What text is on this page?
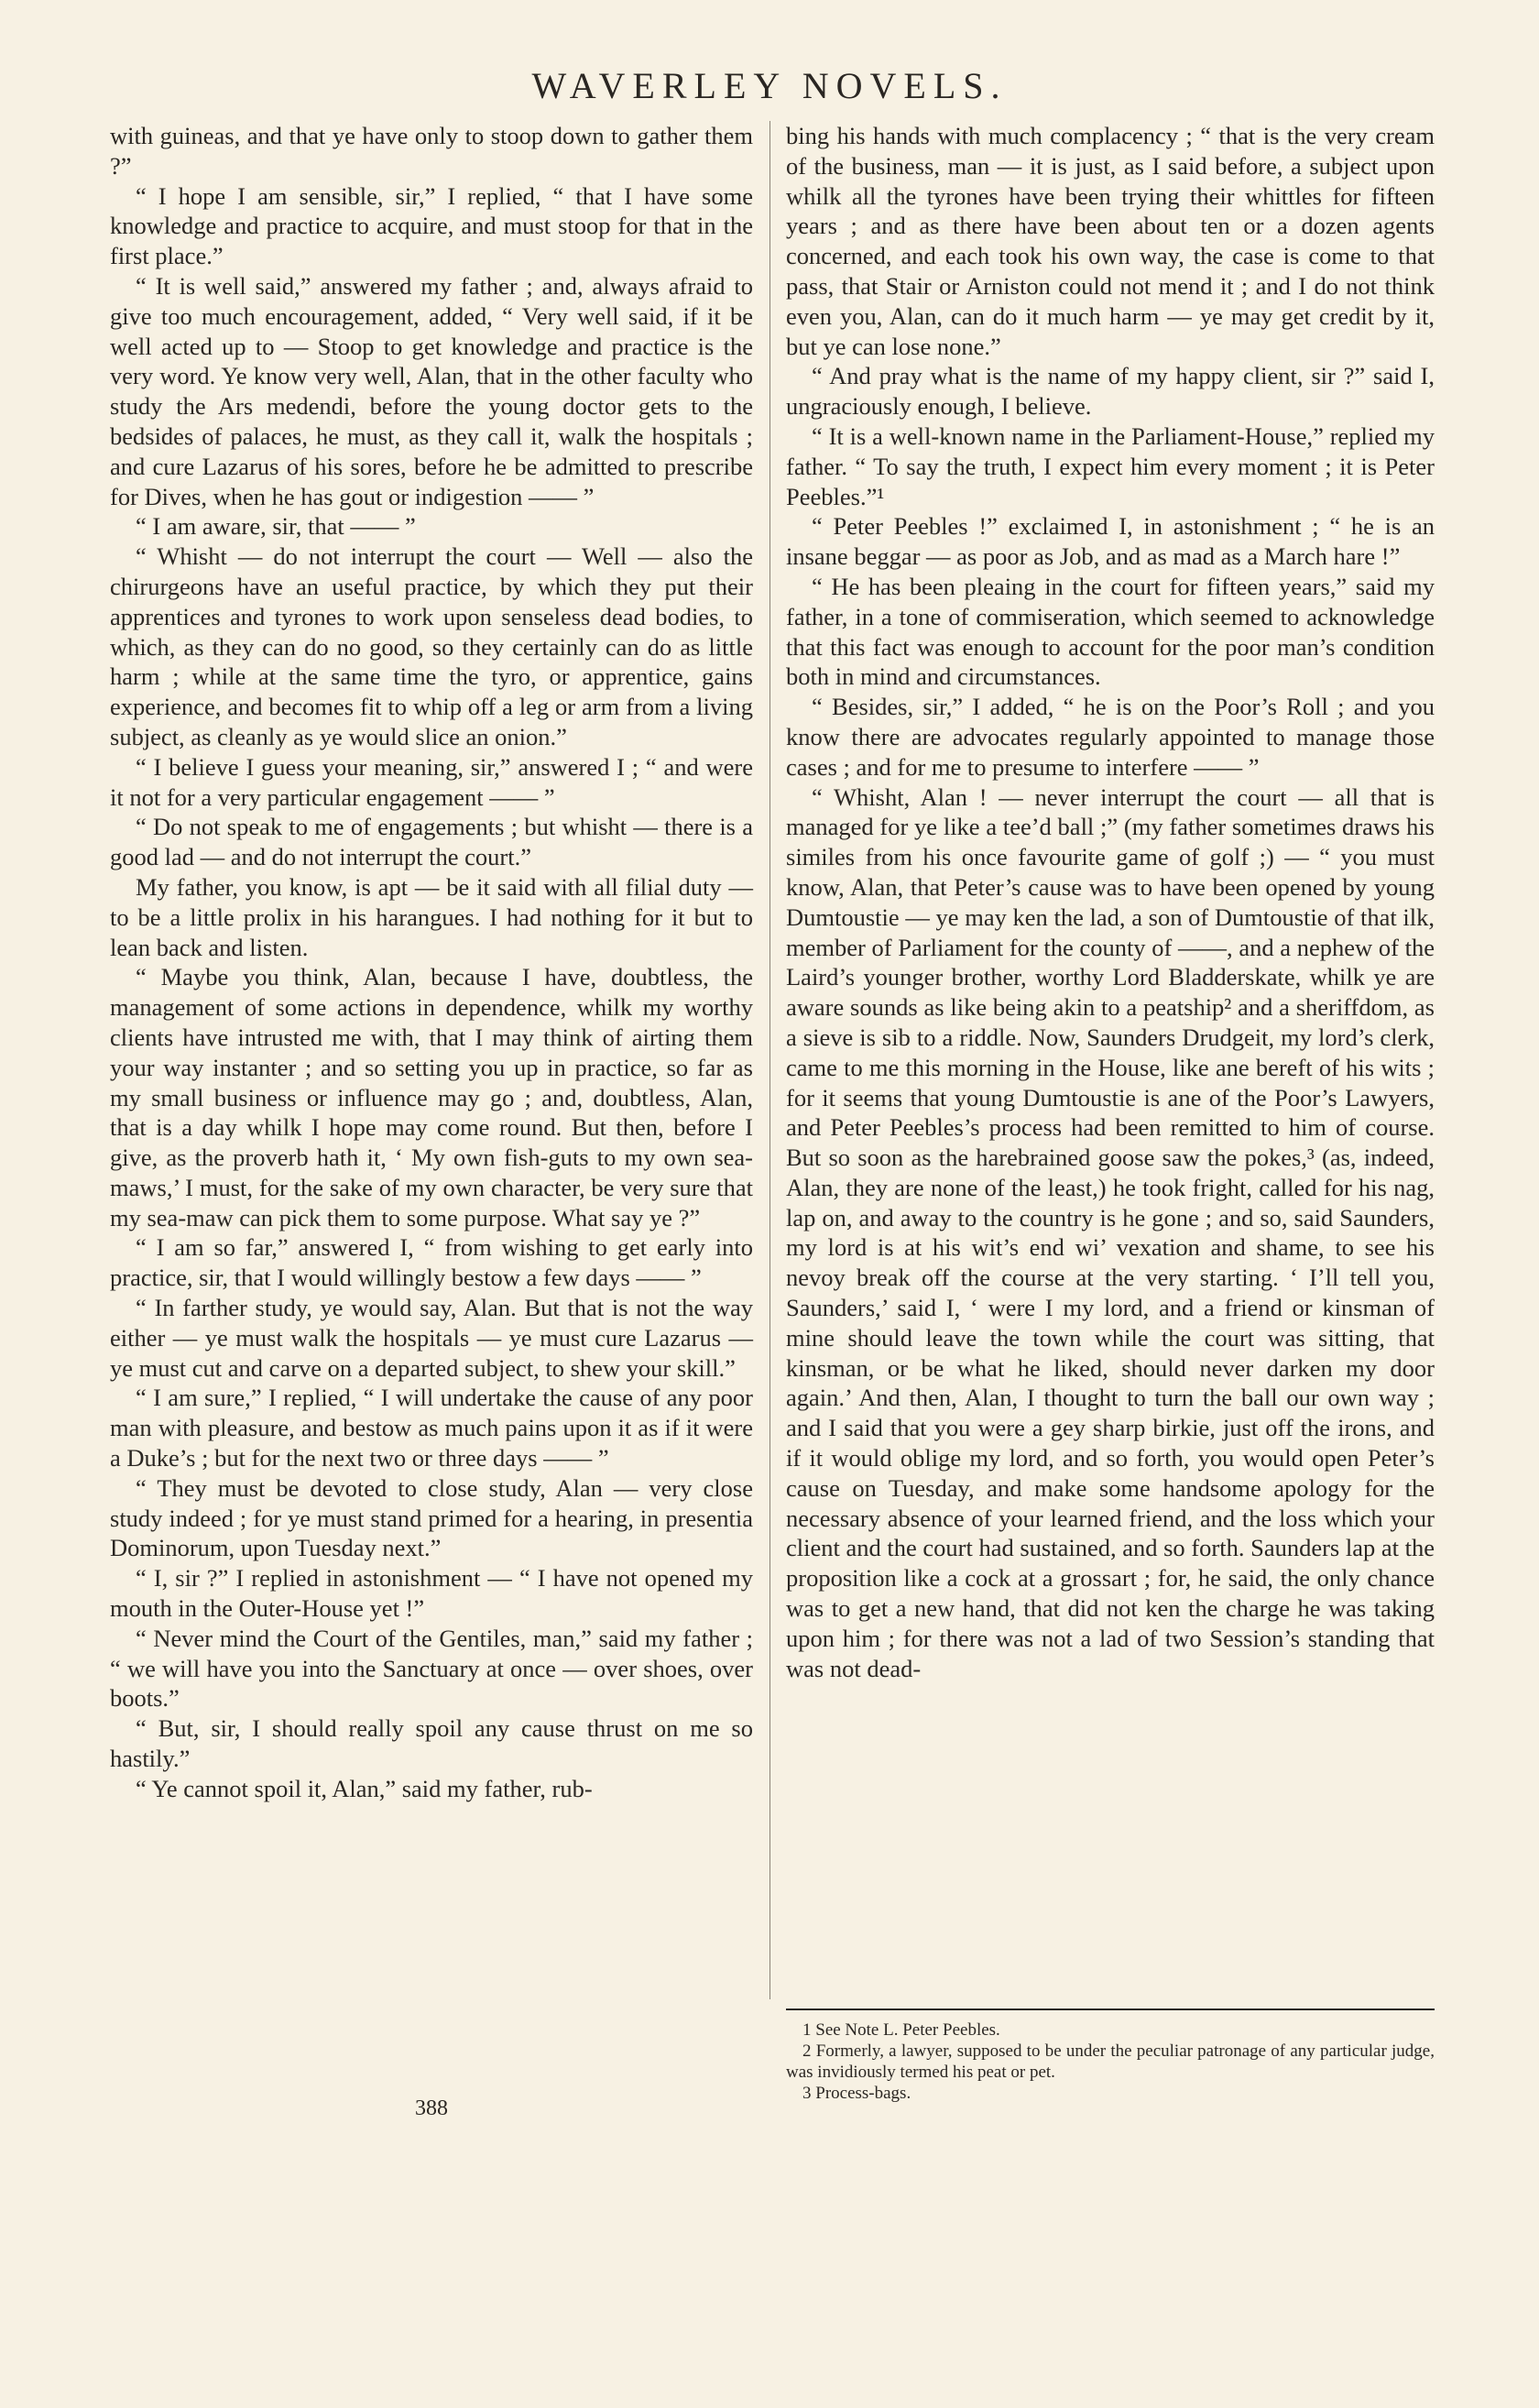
WAVERLEY NOVELS.

with guineas, and that ye have only to stoop down to gather them ?”

“ I hope I am sensible, sir,” I replied, “ that I have some knowledge and practice to acquire, and must stoop for that in the first place.”

“ It is well said,” answered my father ; and, always afraid to give too much encouragement, added, “ Very well said, if it be well acted up to — Stoop to get knowledge and practice is the very word. Ye know very well, Alan, that in the other faculty who study the Ars medendi, before the young doctor gets to the bedsides of palaces, he must, as they call it, walk the hospitals ; and cure Lazarus of his sores, before he be admitted to prescribe for Dives, when he has gout or indigestion —— ”

“ I am aware, sir, that —— ”

“ Whisht — do not interrupt the court — Well — also the chirurgeons have an useful practice, by which they put their apprentices and tyrones to work upon senseless dead bodies, to which, as they can do no good, so they certainly can do as little harm ; while at the same time the tyro, or apprentice, gains experience, and becomes fit to whip off a leg or arm from a living subject, as cleanly as ye would slice an onion.”

“ I believe I guess your meaning, sir,” answered I ; “ and were it not for a very particular engagement —— ”

“ Do not speak to me of engagements ; but whisht — there is a good lad — and do not interrupt the court.”

My father, you know, is apt — be it said with all filial duty — to be a little prolix in his harangues. I had nothing for it but to lean back and listen.

“ Maybe you think, Alan, because I have, doubtless, the management of some actions in dependence, whilk my worthy clients have intrusted me with, that I may think of airting them your way instanter ; and so setting you up in practice, so far as my small business or influence may go ; and, doubtless, Alan, that is a day whilk I hope may come round. But then, before I give, as the proverb hath it, ‘ My own fish-guts to my own sea-maws,’ I must, for the sake of my own character, be very sure that my sea-maw can pick them to some purpose. What say ye ?”

“ I am so far,” answered I, “ from wishing to get early into practice, sir, that I would willingly bestow a few days —— ”

“ In farther study, ye would say, Alan. But that is not the way either — ye must walk the hospitals — ye must cure Lazarus — ye must cut and carve on a departed subject, to shew your skill.”

“ I am sure,” I replied, “ I will undertake the cause of any poor man with pleasure, and bestow as much pains upon it as if it were a Duke’s ; but for the next two or three days —— ”

“ They must be devoted to close study, Alan — very close study indeed ; for ye must stand primed for a hearing, in presentia Dominorum, upon Tuesday next.”

“ I, sir ?” I replied in astonishment — “ I have not opened my mouth in the Outer-House yet !”

“ Never mind the Court of the Gentiles, man,” said my father ; “ we will have you into the Sanctuary at once — over shoes, over boots.”

“ But, sir, I should really spoil any cause thrust on me so hastily.”

“ Ye cannot spoil it, Alan,” said my father, rub-

bing his hands with much complacency ; “ that is the very cream of the business, man — it is just, as I said before, a subject upon whilk all the tyrones have been trying their whittles for fifteen years ; and as there have been about ten or a dozen agents concerned, and each took his own way, the case is come to that pass, that Stair or Arniston could not mend it ; and I do not think even you, Alan, can do it much harm — ye may get credit by it, but ye can lose none.”

“ And pray what is the name of my happy client, sir ?” said I, ungraciously enough, I believe.

“ It is a well-known name in the Parliament-House,” replied my father. “ To say the truth, I expect him every moment ; it is Peter Peebles.”¹

“ Peter Peebles !” exclaimed I, in astonishment ; “ he is an insane beggar — as poor as Job, and as mad as a March hare !”

“ He has been pleaing in the court for fifteen years,” said my father, in a tone of commiseration, which seemed to acknowledge that this fact was enough to account for the poor man’s condition both in mind and circumstances.

“ Besides, sir,” I added, “ he is on the Poor’s Roll ; and you know there are advocates regularly appointed to manage those cases ; and for me to presume to interfere —— ”

“ Whisht, Alan ! — never interrupt the court — all that is managed for ye like a tee’d ball ;” (my father sometimes draws his similes from his once favourite game of golf ;) — “ you must know, Alan, that Peter’s cause was to have been opened by young Dumtoustie — ye may ken the lad, a son of Dumtoustie of that ilk, member of Parliament for the county of ——, and a nephew of the Laird’s younger brother, worthy Lord Bladderskate, whilk ye are aware sounds as like being akin to a peatship² and a sheriffdom, as a sieve is sib to a riddle. Now, Saunders Drudgeit, my lord’s clerk, came to me this morning in the House, like ane bereft of his wits ; for it seems that young Dumtoustie is ane of the Poor’s Lawyers, and Peter Peebles’s process had been remitted to him of course. But so soon as the harebrained goose saw the pokes,³ (as, indeed, Alan, they are none of the least,) he took fright, called for his nag, lap on, and away to the country is he gone ; and so, said Saunders, my lord is at his wit’s end wi’ vexation and shame, to see his nevoy break off the course at the very starting. ‘ I’ll tell you, Saunders,’ said I, ‘ were I my lord, and a friend or kinsman of mine should leave the town while the court was sitting, that kinsman, or be what he liked, should never darken my door again.’ And then, Alan, I thought to turn the ball our own way ; and I said that you were a gey sharp birkie, just off the irons, and if it would oblige my lord, and so forth, you would open Peter’s cause on Tuesday, and make some handsome apology for the necessary absence of your learned friend, and the loss which your client and the court had sustained, and so forth. Saunders lap at the proposition like a cock at a grossart ; for, he said, the only chance was to get a new hand, that did not ken the charge he was taking upon him ; for there was not a lad of two Session’s standing that was not dead-

388

1 See Note L. Peter Peebles.

2 Formerly, a lawyer, supposed to be under the peculiar patronage of any particular judge, was invidiously termed his peat or pet.

3 Process-bags.
